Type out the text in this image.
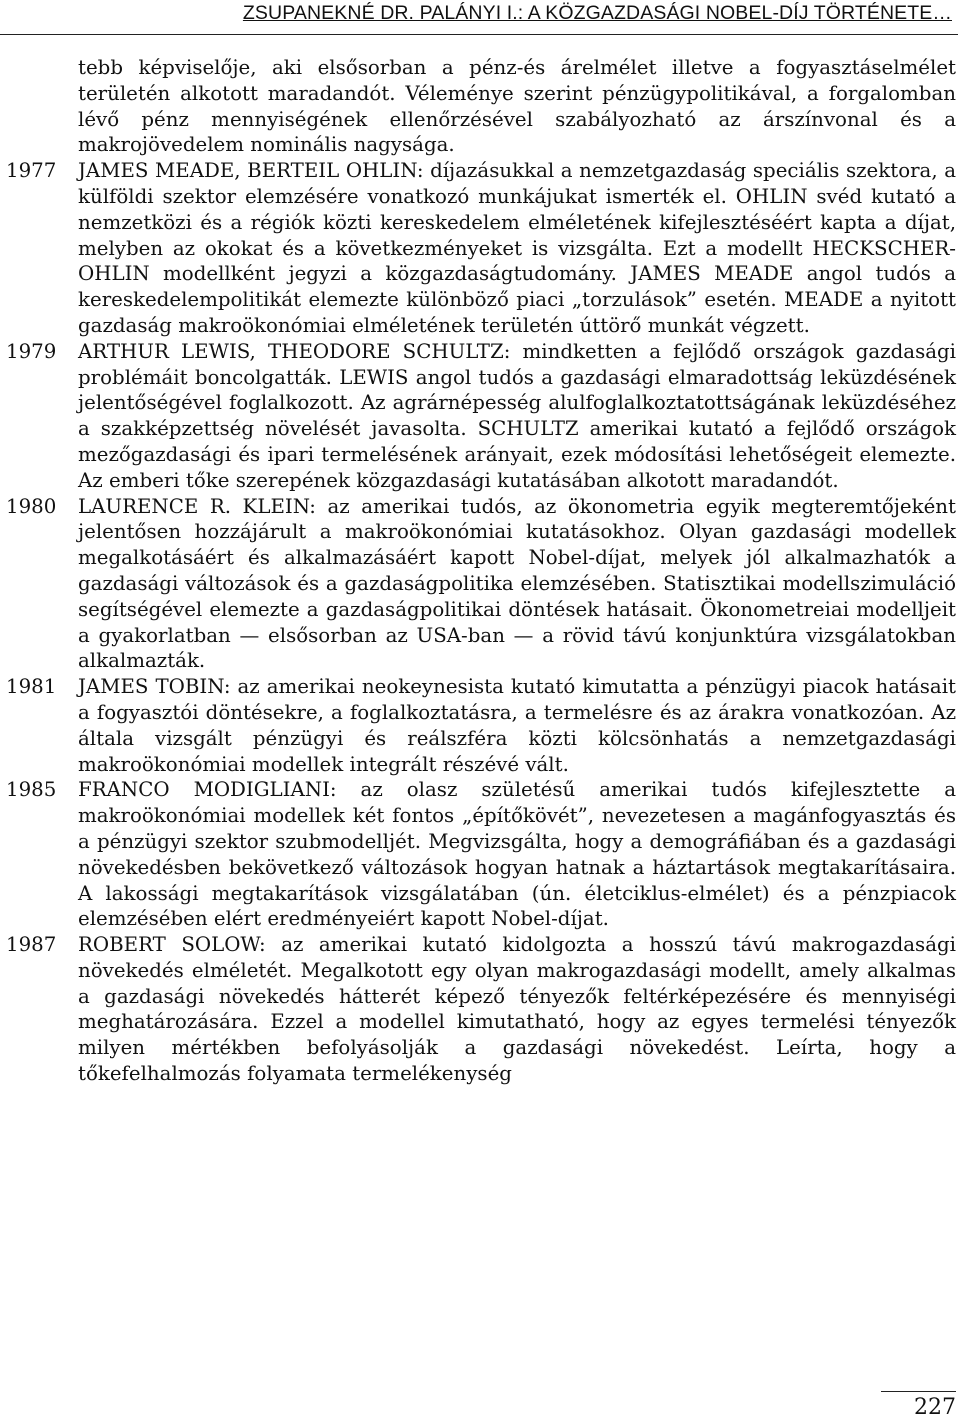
ZSUPANEKNÉ DR. PALÁNYI I.: A KÖZGAZDASÁGI NOBEL-DÍJ TÖRTÉNETE…

tebb képviselője, aki elsősorban a pénz-és árelmélet illetve a fogyasztáselmélet területén alkotott maradandót. Véleménye szerint pénzügypolitikával, a forgalomban lévő pénz mennyiségének ellenőrzésével szabályozható az árszínvonal és a makrojövedelem nominális nagysága.

1977 JAMES MEADE, BERTEIL OHLIN: díjazásukkal a nemzetgazdaság speciális szektora, a külföldi szektor elemzésére vonatkozó munkájukat ismerték el. OHLIN svéd kutató a nemzetközi és a régiók közti kereskedelem elméletének kifejlesztéséért kapta a díjat, melyben az okokat és a következményeket is vizsgálta. Ezt a modellt HECKSCHER-OHLIN modellként jegyzi a közgazdaságtudomány. JAMES MEADE angol tudós a kereskedelempolitikát elemezte különböző piaci „torzulások” esetén. MEADE a nyitott gazdaság makroökonómiai elméletének területén úttörő munkát végzett.

1979 ARTHUR LEWIS, THEODORE SCHULTZ: mindketten a fejlődő országok gazdasági problémáit boncolgatták. LEWIS angol tudós a gazdasági elmaradottság leküzdésének jelentőségével foglalkozott. Az agrárnépesség alulfoglalkoztatottságának leküzdéséhez a szakképzettség növelését javasolta. SCHULTZ amerikai kutató a fejlődő országok mezőgazdasági és ipari termelésének arányait, ezek módosítási lehetőségeit elemezte. Az emberi tőke szerepének közgazdasági kutatásában alkotott maradandót.

1980 LAURENCE R. KLEIN: az amerikai tudós, az ökonometria egyik megteremtőjeként jelentősen hozzájárult a makroökonómiai kutatásokhoz. Olyan gazdasági modellek megalkotásáért és alkalmazásáért kapott Nobel-díjat, melyek jól alkalmazhatók a gazdasági változások és a gazdaságpolitika elemzésében. Statisztikai modellszimuláció segítségével elemezte a gazdaságpolitikai döntések hatásait. Ökonometreiai modelljeit a gyakorlatban — elsősorban az USA-ban — a rövid távú konjunktúra vizsgálatokban alkalmazták.

1981 JAMES TOBIN: az amerikai neokeynesista kutató kimutatta a pénzügyi piacok hatásait a fogyasztói döntésekre, a foglalkoztatásra, a termelésre és az árakra vonatkozóan. Az általa vizsgált pénzügyi és reálszféra közti kölcsönhatás a nemzetgazdasági makroökonómiai modellek integrált részévé vált.

1985 FRANCO MODIGLIANI: az olasz születésű amerikai tudós kifejlesztette a makroökonómiai modellek két fontos „építőkövét”, nevezetesen a magánfogyasztás és a pénzügyi szektor szubmodelljét. Megvizsgálta, hogy a demográfiában és a gazdasági növekedésben bekövetkező változások hogyan hatnak a háztartások megtakarításaira. A lakossági megtakarítások vizsgálatában (ún. életciklus-elmélet) és a pénzpiacok elemzésében elért eredményeiért kapott Nobel-díjat.

1987 ROBERT SOLOW: az amerikai kutató kidolgozta a hosszú távú makrogazdasági növekedés elméletét. Megalkotott egy olyan makrogazdasági modellt, amely alkalmas a gazdasági növekedés hátterét képező tényezők feltérképezésére és mennyiségi meghatározására. Ezzel a modellel kimutatható, hogy az egyes termelési tényezők milyen mértékben befolyásolják a gazdasági növekedést. Leírta, hogy a tőkefelhalmozás folyamata termelékenység

227
